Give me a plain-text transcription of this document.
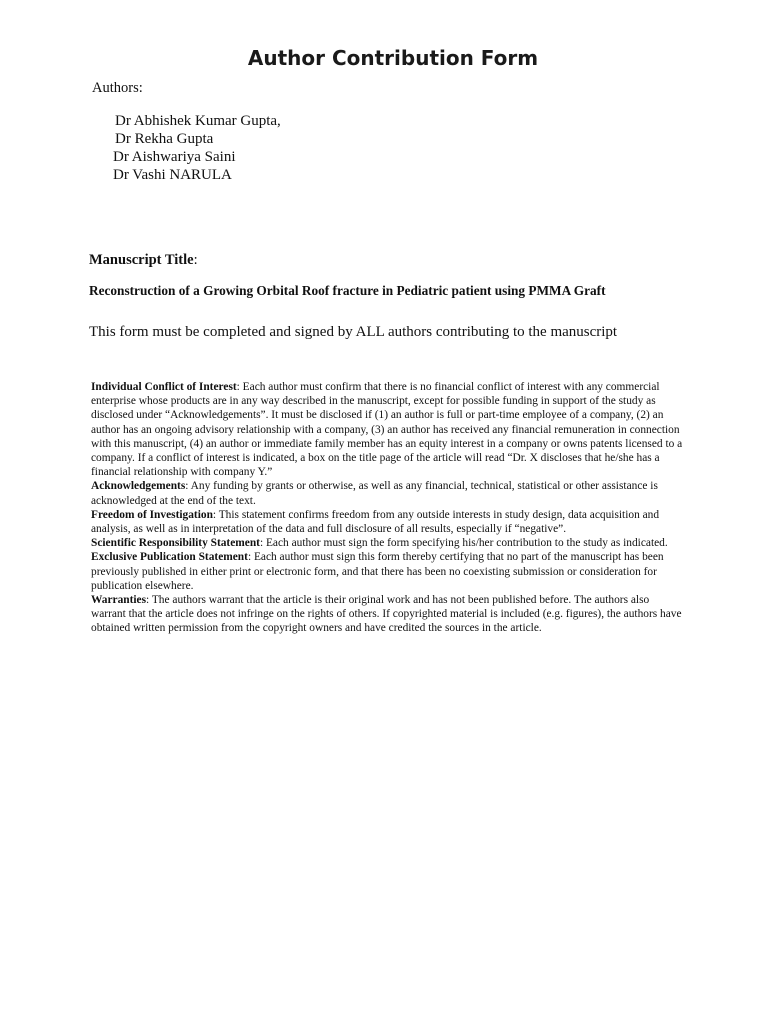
Author Contribution Form
Authors:
Dr Abhishek Kumar Gupta,
Dr Rekha Gupta
Dr Aishwariya Saini
Dr Vashi NARULA
Manuscript Title:
Reconstruction of a Growing Orbital Roof fracture in Pediatric patient using PMMA Graft
This form must be completed and signed by ALL authors contributing to the manuscript

Individual Conflict of Interest: Each author must confirm that there is no financial conflict of interest with any commercial enterprise whose products are in any way described in the manuscript, except for possible funding in support of the study as disclosed under “Acknowledgements”. It must be disclosed if (1) an author is full or part-time employee of a company, (2) an author has an ongoing advisory relationship with a company, (3) an author has received any financial remuneration in connection with this manuscript, (4) an author or immediate family member has an equity interest in a company or owns patents licensed to a company. If a conflict of interest is indicated, a box on the title page of the article will read “Dr. X discloses that he/she has a financial relationship with company Y.”

Acknowledgements: Any funding by grants or otherwise, as well as any financial, technical, statistical or other assistance is acknowledged at the end of the text.

Freedom of Investigation: This statement confirms freedom from any outside interests in study design, data acquisition and analysis, as well as in interpretation of the data and full disclosure of all results, especially if “negative”.

Scientific Responsibility Statement: Each author must sign the form specifying his/her contribution to the study as indicated.

Exclusive Publication Statement: Each author must sign this form thereby certifying that no part of the manuscript has been previously published in either print or electronic form, and that there has been no coexisting submission or consideration for publication elsewhere.

Warranties: The authors warrant that the article is their original work and has not been published before. The authors also warrant that the article does not infringe on the rights of others. If copyrighted material is included (e.g. figures), the authors have obtained written permission from the copyright owners and have credited the sources in the article.
